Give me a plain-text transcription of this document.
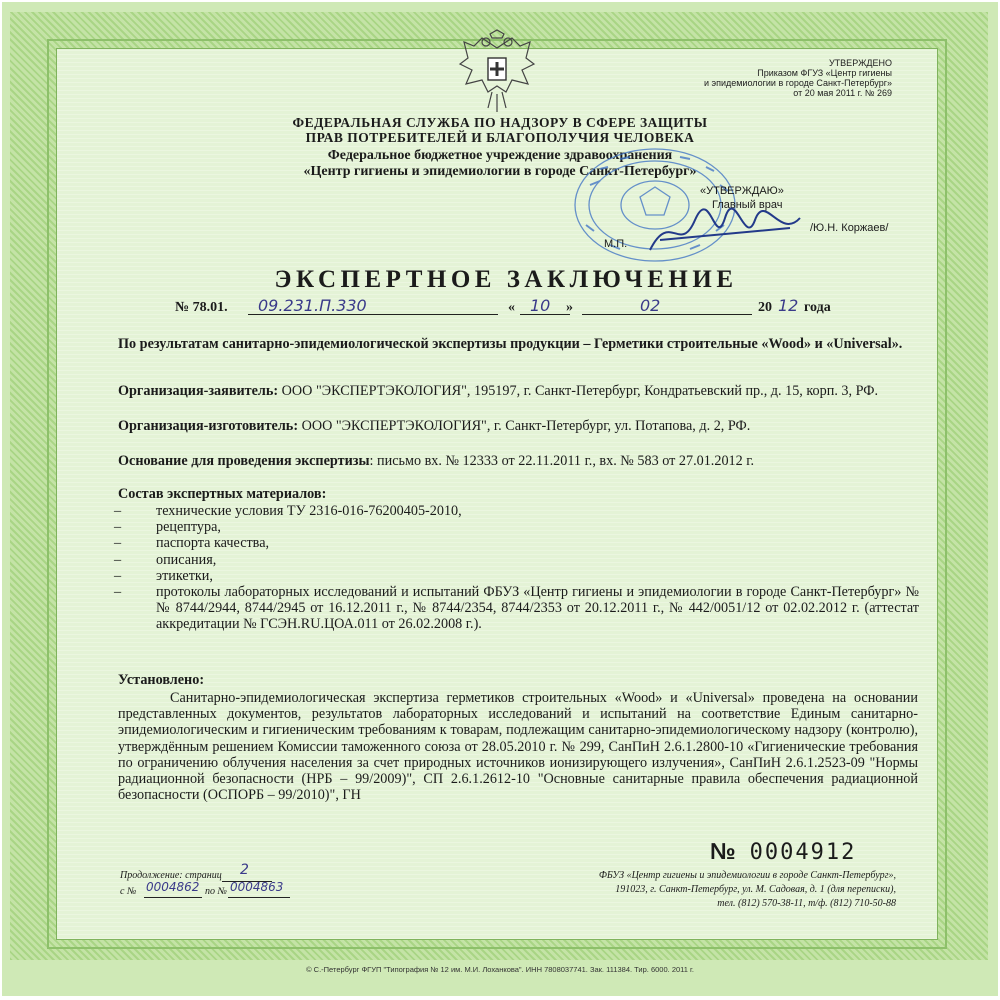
УТВЕРЖДЕНО
Приказом ФГУЗ «Центр гигиены
и эпидемиологии в городе Санкт-Петербург»
от 20 мая 2011 г. № 269
ФЕДЕРАЛЬНАЯ СЛУЖБА ПО НАДЗОРУ В СФЕРЕ ЗАЩИТЫ
ПРАВ ПОТРЕБИТЕЛЕЙ И БЛАГОПОЛУЧИЯ ЧЕЛОВЕКА
Федеральное бюджетное учреждение здравоохранения
«Центр гигиены и эпидемиологии в городе Санкт-Петербург»
«УТВЕРЖДАЮ»
Главный врач
М.П.
/Ю.Н. Коржаев/
ЭКСПЕРТНОЕ ЗАКЛЮЧЕНИЕ
№ 78.01. 09.231.П.330	« 10 »	02	20 12 года
По результатам санитарно-эпидемиологической экспертизы продукции – Герметики строительные «Wood» и «Universal».
Организация-заявитель: ООО "ЭКСПЕРТЭКОЛОГИЯ", 195197, г. Санкт-Петербург, Кондратьевский пр., д. 15, корп. 3, РФ.
Организация-изготовитель: ООО "ЭКСПЕРТЭКОЛОГИЯ", г. Санкт-Петербург, ул. Потапова, д. 2, РФ.
Основание для проведения экспертизы: письмо вх. № 12333 от 22.11.2011 г., вх. № 583 от 27.01.2012 г.
Состав экспертных материалов:
–	технические условия ТУ 2316-016-76200405-2010,
–	рецептура,
–	паспорта качества,
–	описания,
–	этикетки,
–	протоколы лабораторных исследований и испытаний ФБУЗ «Центр гигиены и эпидемиологии в городе Санкт-Петербург» №№ 8744/2944, 8744/2945 от 16.12.2011 г., № 8744/2354, 8744/2353 от 20.12.2011 г., № 442/0051/12 от 02.02.2012 г. (аттестат аккредитации № ГСЭН.RU.ЦОА.011 от 26.02.2008 г.).
Установлено:
Санитарно-эпидемиологическая экспертиза герметиков строительных «Wood» и «Universal» проведена на основании представленных документов, результатов лабораторных исследований и испытаний на соответствие Единым санитарно-эпидемиологическим и гигиеническим требованиям к товарам, подлежащим санитарно-эпидемиологическому надзору (контролю), утверждённым решением Комиссии таможенного союза от 28.05.2010 г. № 299, СанПиН 2.6.1.2800-10 «Гигиенические требования по ограничению облучения населения за счет природных источников ионизирующего излучения», СанПиН 2.6.1.2523-09 "Нормы радиационной безопасности (НРБ – 99/2009)", СП 2.6.1.2612-10 "Основные санитарные правила обеспечения радиационной безопасности (ОСПОРБ – 99/2010)", ГН
№ 0004912
Продолжение: страниц 2
с № 0004862 по № 0004863
ФБУЗ «Центр гигиены и эпидемиологии в городе Санкт-Петербург»,
191023, г. Санкт-Петербург, ул. М. Садовая, д. 1 (для переписки),
тел. (812) 570-38-11, т/ф. (812) 710-50-88
© С.-Петербург ФГУП "Типография № 12 им. М.И. Лоханкова". ИНН 7808037741. Зак. 111384. Тир. 6000. 2011 г.
